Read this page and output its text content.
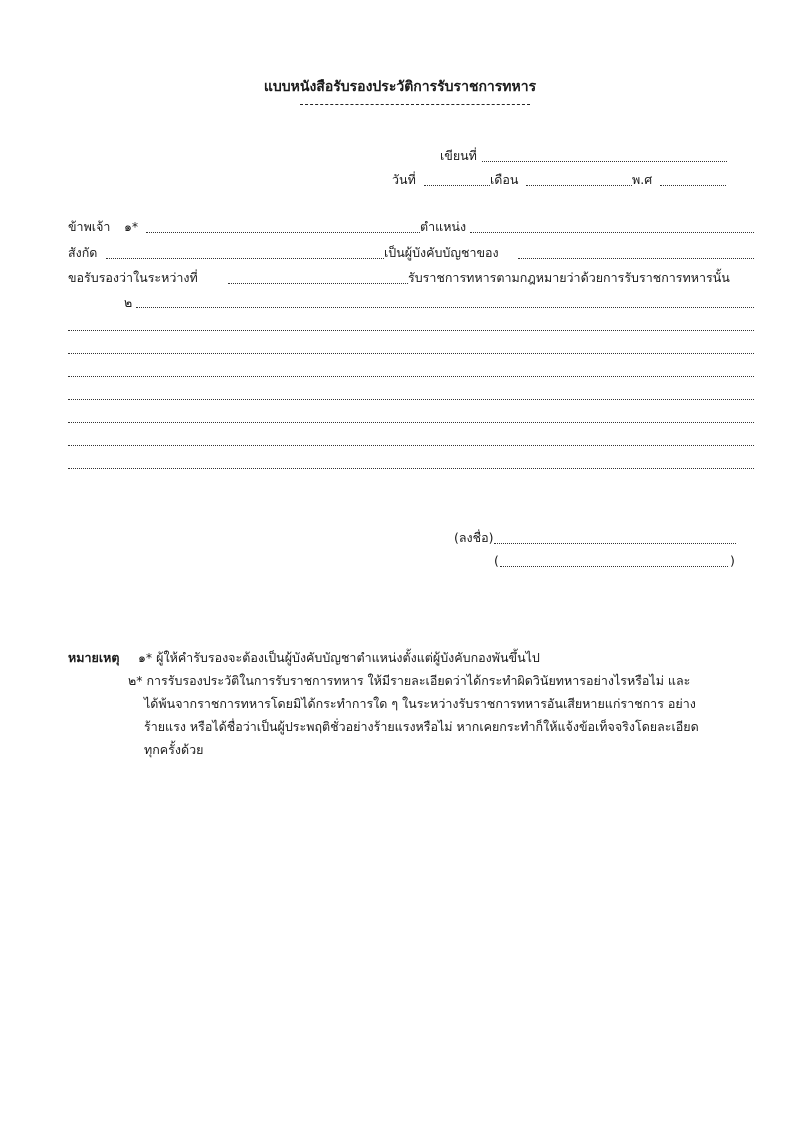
แบบหนังสือรับรองประวัติการรับราชการทหาร
เขียนที่
วันที่	เดือน	พ.ศ
ข้าพเจ้า ๑*	ตำแหน่ง
สังกัด	เป็นผู้บังคับบัญชาของ
ขอรับรองว่าในระหว่างที่	รับราชการทหารตามกฎหมายว่าด้วยการรับราชการทหารนั้น
๒
(ลงชื่อ)
(	)
หมายเหตุ ๑* ผู้ให้คำรับรองจะต้องเป็นผู้บังคับบัญชาตำแหน่งตั้งแต่ผู้บังคับกองพันขึ้นไป
๒* การรับรองประวัติในการรับราชการทหาร ให้มีรายละเอียดว่าได้กระทำผิดวินัยทหารอย่างไรหรือไม่ และ
ได้พ้นจากราชการทหารโดยมิได้กระทำการใด ๆ ในระหว่างรับราชการทหารอันเสียหายแก่ราชการ อย่าง
ร้ายแรง หรือได้ชื่อว่าเป็นผู้ประพฤติชั่วอย่างร้ายแรงหรือไม่ หากเคยกระทำก็ให้แจ้งข้อเท็จจริงโดยละเอียด
ทุกครั้งด้วย
